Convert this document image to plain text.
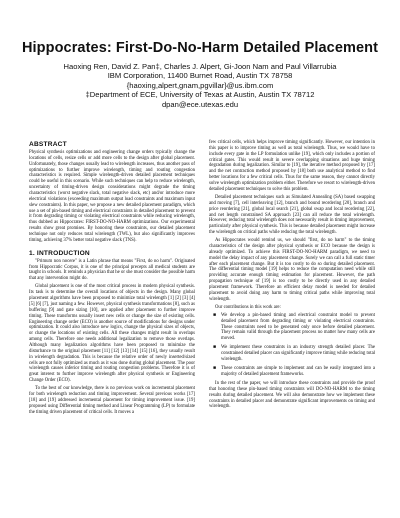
Hippocrates: First-Do-No-Harm Detailed Placement
Haoxing Ren, David Z. Pan‡, Charles J. Alpert, Gi-Joon Nam and Paul Villarrubia
IBM Corporation, 11400 Burnet Road, Austin TX 78758
{haoxing,alpert,gnam,pgvillar}@us.ibm.com
‡Department of ECE, University of Texas at Austin, Austin TX 78712
dpan@ece.utexas.edu
ABSTRACT

Physical synthesis optimizations and engineering change orders typically change the locations of cells, resize cells or add more cells to the design after global placement. Unfortunately, those changes usually lead to wirelength increases, thus another pass of optimizations to further improve wirelength, timing and routing congestion characteristics is required. Simple wirelength-driven detailed placement techniques could be useful in this scenario. While such techniques can help to reduce wirelength, uncertainty of timing-driven design considerations might degrade the timing characteristics (worst negative slack, total negative slack, etc) and/or introduce more electrical violations (exceeding maximum output load constraints and maximum input slew constraints). In this paper, we propose a new detailed placement paradigm, which use a set of pin-based timing and electrical constraints in detailed placement to prevent it from degrading timing or violating electrical constraints while reducing wirelength, thus dubbed as Hippocrates: FIRST-DO-NO-HARM optimizations. Our experimental results show great promises. By honoring these constraints, our detailed placement technique not only reduces total wirelength (TWL), but also significantly improves timing, achieving 37% better total negative slack (TNS).

1. INTRODUCTION

"Primum non nocere" is a Latin phrase that means "First, do no harm". Originated from Hippocratic Corpus, it is one of the principal precepts all medical students are taught in schools. It reminds a physician that he or she must consider the possible harm that any intervention might do.

Global placement is one of the most critical process in modern physical synthesis. Its task is to determine the overall locations of objects in the design. Many global placement algorithms have been proposed to minimize total wirelength [1] [2] [3] [4] [5] [6] [7], just naming a few. However, physical synthesis transformations [8], such as buffering [9] and gate sizing [10], are applied after placement to further improve timing. These transforms usually insert new cells or change the size of existing cells. Engineering change order (ECO) is another source of modifications for designs under optimization. It could also introduce new logics, change the physical sizes of objects, or change the locations of existing cells. All these changes might result in overlaps among cells. Therefore one needs additional legalization to remove those overlaps. Although many legalization algorithms have been proposed to minimize the disturbance to the original placement [11] [12] [13] [14] [15] [16], they usually result in wirelength degradation. This is because the relative order of newly inserted/sized cells are not fully optimized as much as it was done during global placement. The poor wirelength causes inferior timing and routing congestion problems. Therefore it is of great interest to further improve wirelength after physical synthesis or Engineering Change Order (ECO).

To the best of our knowledge, there is no previous work on incremental placement for both wirelength reduction and timing improvement. Several previous works [17] [18] and [19] addressed incremental placement for timing improvement issue. [19] proposed using Differential timing method and Linear Programming (LP) to formulate the timing driven placement of critical cells. It moves a

few critical cells, which helps improve timing significantly. However, our intention in this paper is to improve timing as well as total wirelength. Thus, we would have to include every gate in the LP formulation unlike [19], which only includes a portion of critical gates. This would result in severe overlapping situations and huge timing degradation during legalization. Similar to [19], the iterative method proposed by [17] and the net contraction method proposed by [18] both use analytical method to find better locations for a few critical cells. Thus for the same reason, they cannot directly solve wirelength optimization problem either. Therefore we resort to wirelength-driven detailed placement techniques to solve this problem.

Detailed placement techniques such as Simulated Annealing (SA) based swapping and moving [7], cell interleaving [12], branch and bound reordering [20], branch and price reordering [21], global local search [21], global swap and local reordering [22], and net length constrained SA approach [23] can all reduce the total wirelength. However, reducing total wirelength does not necessarily result in timing improvement, particularly after physical synthesis. This is because detailed placement might increase the wirelength on critical paths while reducing the total wirelength.

As Hippocrates would remind us, we should "first, do no harm" to the timing characteristics of the design after physical synthesis or ECO because the design is already optimized. To achieve this FIRST-DO-NO-HARM paradigm, we need to model the delay impact of any placement change. Surely we can call a full static timer after each placement change. But it is too costly to do so during detailed placement. The differential timing model [19] helps to reduce the computation need while still providing accurate enough timing estimation for placement. However, the path propagation technique of [19] is too costly to be directly used in any detailed placement framework. Therefore an efficient delay model is needed for detailed placement to avoid doing any harm to timing critical paths while improving total wirelength.

Our contributions in this work are:

■ We develop a pin-based timing and electrical constraint model to prevent detailed placement from degrading timing or violating electrical constraints. These constraints need to be generated only once before detailed placement. They remain valid through the placement process no matter how many cells are moved.
■ We implement these constraints in an industry strength detailed placer. The constrained detailed placer can significantly improve timing while reducing total wirelength.
■ These constraints are simple to implement and can be easily integrated into a majority of detailed placement frameworks.

In the rest of the paper, we will introduce these constraints and provide the proof that honoring these pin-based timing constraints will DO-NO-HARM to the timing results during detailed placement. We will also demonstrate how we implement these constraints in detailed placer and demonstrate significant improvements on timing and wirelength.
